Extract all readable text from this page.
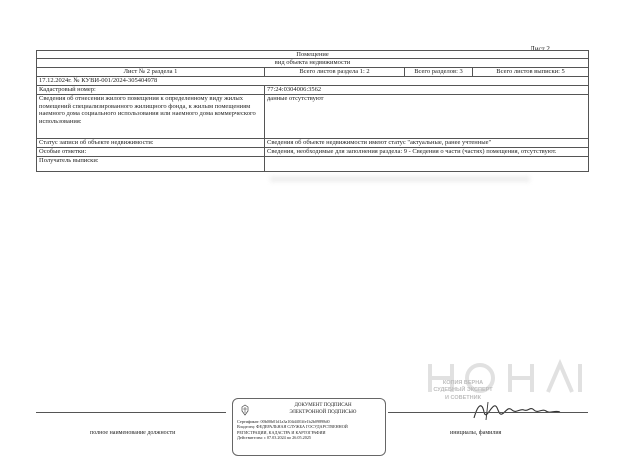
Лист 2
Помещение			
вид объекта недвижимости			
Лист № 2 раздела 1	Всего листов раздела 1: 2	Всего разделов: 3	Всего листов выписки: 5
17.12.2024г. № КУВИ-001/2024-305404978			
Кадастровый номер:	77:24:0304006:3562		
Сведения об отнесении жилого помещения к определенному виду жилых помещений специализированного жилищного фонда, к жилым помещениям наемного дома социального использования или наемного дома коммерческого использования:	данные отсутствуют		
Статус записи об объекте недвижимости:	Сведения об объекте недвижимости имеют статус "актуальные, ранее учтенные"		
Особые отметки:	Сведения, необходимые для заполнения раздела: 9 - Сведения о части (частях) помещения, отсутствуют.		
Получатель выписки:			
КОПИЯ ВЕРНА
СУДЕБНЫЙ ЭКСПЕРТ
И СОВЕТНИК
ДОКУМЕНТ ПОДПИСАН
ЭЛЕКТРОННОЙ ПОДПИСЬЮ
Сертификат: 00b00b01d1a3a104d401ffe1b2b09898d0
Владелец: ФЕДЕРАЛЬНАЯ СЛУЖБА ГОСУДАРСТВЕННОЙ
РЕГИСТРАЦИИ, КАДАСТРА И КАРТОГРАФИИ
Действителен: с 07.03.2024 по 26.05.2025
полное наименование должности	инициалы, фамилия
